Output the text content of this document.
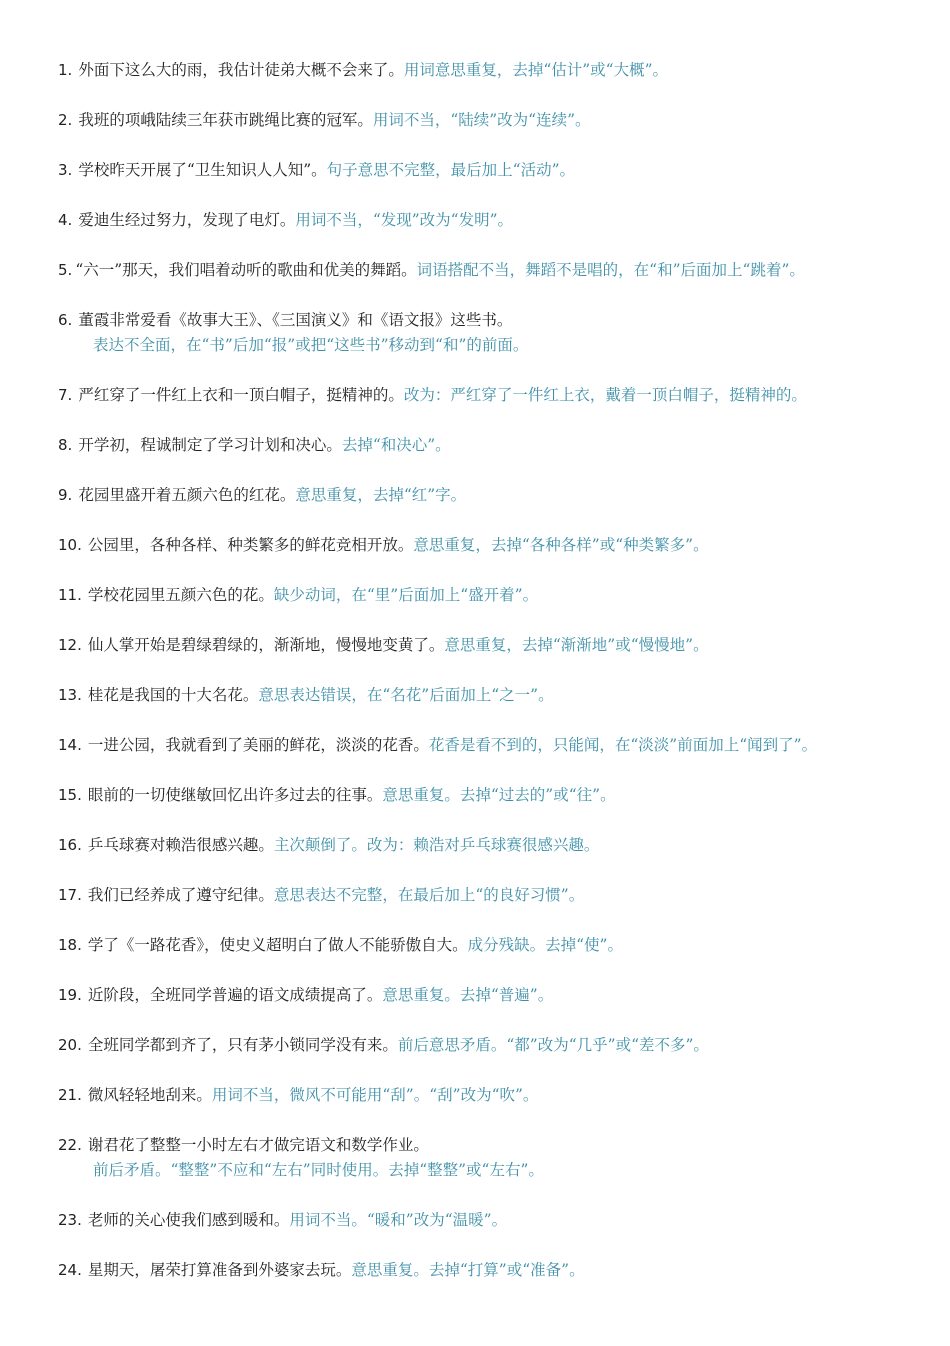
1. 外面下这么大的雨，我估计徒弟大概不会来了。用词意思重复，去掉“估计”或“大概”。

2. 我班的项峨陆续三年获市跳绳比赛的冠军。用词不当，“陆续”改为“连续”。

3. 学校昨天开展了“卫生知识人人知”。句子意思不完整，最后加上“活动”。

4. 爱迪生经过努力，发现了电灯。用词不当，“发现”改为“发明”。

5. “六一”那天，我们唱着动听的歌曲和优美的舞蹈。词语搭配不当，舞蹈不是唱的，在“和”后面加上“跳着”。

6. 董霞非常爱看《故事大王》、《三国演义》和《语文报》这些书。
表达不全面，在“书”后加“报”或把“这些书”移动到“和”的前面。

7. 严红穿了一件红上衣和一顶白帽子，挺精神的。改为：严红穿了一件红上衣，戴着一顶白帽子，挺精神的。

8. 开学初，程诚制定了学习计划和决心。去掉“和决心”。

9. 花园里盛开着五颜六色的红花。意思重复，去掉“红”字。

10. 公园里，各种各样、种类繁多的鲜花竞相开放。意思重复，去掉“各种各样”或“种类繁多”。

11. 学校花园里五颜六色的花。缺少动词，在“里”后面加上“盛开着”。

12. 仙人掌开始是碧绿碧绿的，渐渐地，慢慢地变黄了。意思重复，去掉“渐渐地”或“慢慢地”。

13. 桂花是我国的十大名花。意思表达错误，在“名花”后面加上“之一”。

14. 一进公园，我就看到了美丽的鲜花，淡淡的花香。花香是看不到的，只能闻，在“淡淡”前面加上“闻到了”。

15. 眼前的一切使继敏回忆出许多过去的往事。意思重复。去掉“过去的”或“往”。

16. 乒乓球赛对赖浩很感兴趣。主次颠倒了。改为：赖浩对乒乓球赛很感兴趣。

17. 我们已经养成了遵守纪律。意思表达不完整，在最后加上“的良好习惯”。

18. 学了《一路花香》，使史义超明白了做人不能骄傲自大。成分残缺。去掉“使”。

19. 近阶段，全班同学普遍的语文成绩提高了。意思重复。去掉“普遍”。

20. 全班同学都到齐了，只有茅小锁同学没有来。前后意思矛盾。“都”改为“几乎”或“差不多”。

21. 微风轻轻地刮来。用词不当，微风不可能用“刮”。“刮”改为“吹”。

22. 谢君花了整整一小时左右才做完语文和数学作业。
前后矛盾。“整整”不应和“左右”同时使用。去掉“整整”或“左右”。

23. 老师的关心使我们感到暖和。用词不当。“暖和”改为“温暖”。

24. 星期天，屠荣打算准备到外婆家去玩。意思重复。去掉“打算”或“准备”。
